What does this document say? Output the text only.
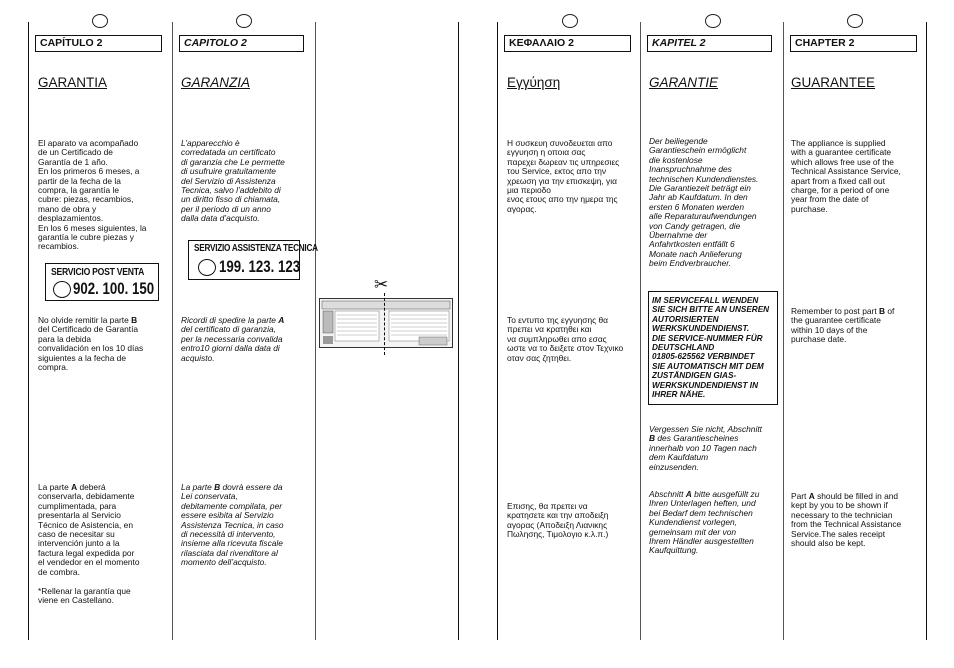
CAPÍTULO 2
GARANTIA
El aparato va acompañado
de un Certificado de
Garantía de 1 año.
En los primeros 6 meses, a
partir de la fecha de la
compra, la garantía le
cubre: piezas, recambios,
mano de obra y
desplazamientos.
En los 6 meses siguientes, la
garantía le cubre piezas y
recambios.
SERVICIO POST VENTA
902. 100. 150
No olvide remitir la parte B
del Certificado de Garantía
para la debida
convalidación en los 10 días
siguientes a la fecha de
compra.
La parte A deberá
conservarla, debidamente
cumplimentada, para
presentarla al Servicio
Técnico de Asistencia, en
caso de necesitar su
intervención junto a la
factura legal expedida por
el vendedor en el momento
de combra.
*Rellenar la garantía que
viene en Castellano.
CAPITOLO 2
GARANZIA
L’apparecchio è
corredatada un certificato
di garanzia che Le permette
di usufruire gratuitamente
del Servizio di Assistenza
Tecnica, salvo l’addebito di
un diritto fisso di chiamata,
per il periodo di un anno
dalla data d’acquisto.
SERVIZIO ASSISTENZA TECNICA
199. 123. 123
Ricordi di spedire la parte A
del certificato di garanzia,
per la necessaria convalida
entro10 giorni dalla data di
acquisto.
La parte B dovrà essere da
Lei conservata,
debitamente compilata, per
essere esibita al Servizio
Assistenza Tecnica, in caso
di necessità di intervento,
insieme alla ricevuta fiscale
rilasciata dal rivenditore al
momento dell’acquisto.
✂
ΚΕΦΑΛΑΙΟ 2
Εγγύηση
Η συσκευη συνοδευεται απο
εγγυηση η οποια σας
παρεχει δωρεαν τις υπηρεσιες
του Service, εκτος απο την
χρεωση για την επισκεψη, για
μια περιοδο
ενος ετους απο την ημερα της
αγορας.
Το εντυπο της εγγυησης θα
πρεπει να κρατηθει και
να συμπληρωθει απο εσας
ωστε να το δειξετε στον Τεχνικο
οταν σας ζητηθει.
Επισης, θα πρεπει να
κρατησετε και την αποδειξη
αγορας (Αποδειξη Λιανικης
Πωλησης, Τιμολογιο κ.λ.π.)
KAPITEL 2
GARANTIE
Der beiliegende
Garantieschein ermöglicht
die kostenlose
Inanspruchnahme des
technischen Kundendienstes.
Die Garantiezeit beträgt ein
Jahr ab Kaufdatum. In den
ersten 6 Monaten werden
alle Reparaturaufwendungen
von Candy getragen, die
Übernahme der
Anfahrtkosten entfällt 6
Monate nach Anlieferung
beim Endverbraucher.
IM SERVICEFALL WENDEN
SIE SICH BITTE AN UNSEREN
AUTORISIERTEN
WERKSKUNDENDIENST.
DIE SERVICE-NUMMER FÜR
DEUTSCHLAND
01805-625562 VERBINDET
SIE AUTOMATISCH MIT DEM
ZUSTÄNDIGEN GIAS-
WERKSKUNDENDIENST IN
IHRER NÄHE.
Vergessen Sie nicht, Abschnitt
B des Garantiescheines
innerhalb von 10 Tagen nach
dem Kaufdatum
einzusenden.
Abschnitt A bitte ausgefüllt zu
Ihren Unterlagen heften, und
bei Bedarf dem technischen
Kundendienst vorlegen,
gemeinsam mit der von
Ihrem Händler ausgestellten
Kaufquittung.
CHAPTER 2
GUARANTEE
The appliance is supplied
with a guarantee certificate
which allows free use of the
Technical Assistance Service,
apart from a fixed call out
charge, for a period of one
year from the date of
purchase.
Remember to post part B of
the guarantee certificate
within 10 days of the
purchase date.
Part A should be filled in and
kept by you to be shown if
necessary to the technician
from the Technical Assistance
Service.The sales receipt
should also be kept.
